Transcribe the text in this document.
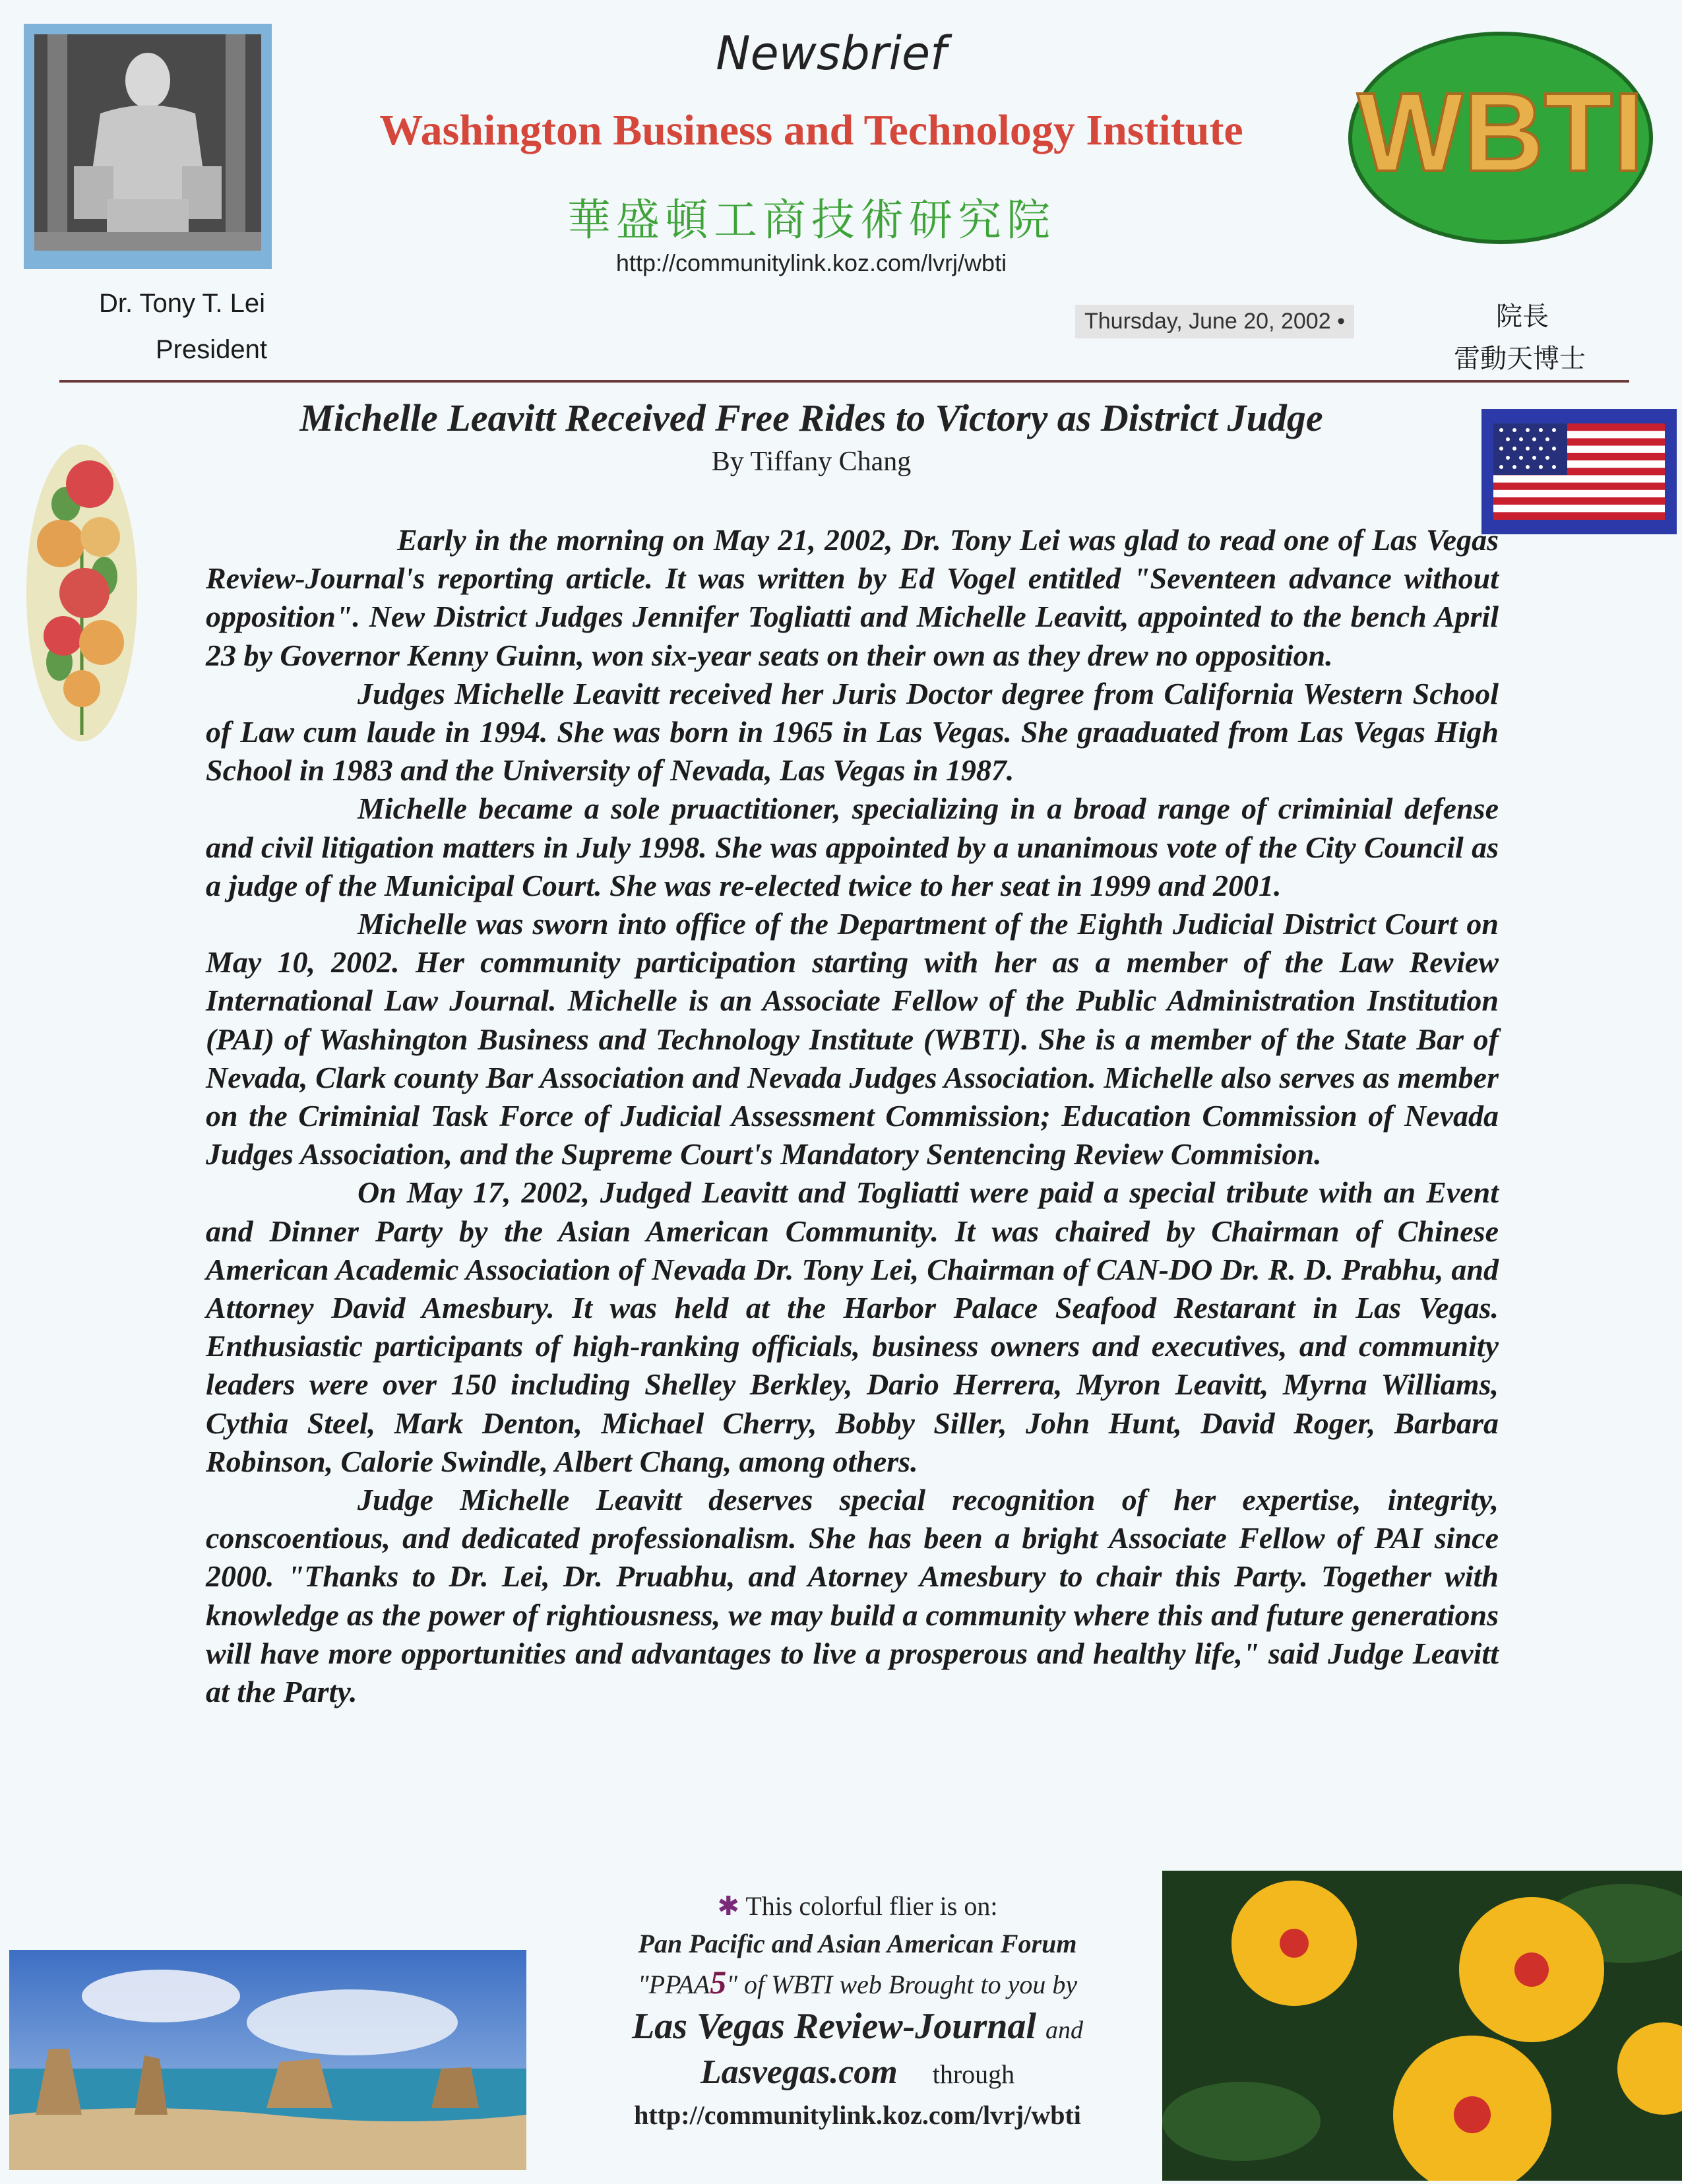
Newsbrief
Washington Business and Technology Institute
華盛頓工商技術研究院
http://communitylink.koz.com/lvrj/wbti
WBTI
Dr. Tony T. Lei
President
Thursday, June 20, 2002 •	院長
雷動天博士
Michelle Leavitt Received Free Rides to Victory as District Judge
By Tiffany Chang

Early in the morning on May 21, 2002, Dr. Tony Lei was glad to read one of Las Vegas Review-Journal's reporting article. It was written by Ed Vogel entitled "Seventeen advance without opposition". New District Judges Jennifer Togliatti and Michelle Leavitt, appointed to the bench April 23 by Governor Kenny Guinn, won six-year seats on their own as they drew no opposition.

Judges Michelle Leavitt received her Juris Doctor degree from California Western School of Law cum laude in 1994. She was born in 1965 in Las Vegas. She graaduated from Las Vegas High School in 1983 and the University of Nevada, Las Vegas in 1987.

Michelle became a sole pruactitioner, specializing in a broad range of criminial defense and civil litigation matters in July 1998. She was appointed by a unanimous vote of the City Council as a judge of the Municipal Court. She was re-elected twice to her seat in 1999 and 2001.

Michelle was sworn into office of the Department of the Eighth Judicial District Court on May 10, 2002. Her community participation starting with her as a member of the Law Review International Law Journal. Michelle is an Associate Fellow of the Public Administration Institution (PAI) of Washington Business and Technology Institute (WBTI). She is a member of the State Bar of Nevada, Clark county Bar Association and Nevada Judges Association. Michelle also serves as member on the Criminial Task Force of Judicial Assessment Commission; Education Commission of Nevada Judges Association, and the Supreme Court's Mandatory Sentencing Review Commision.

On May 17, 2002, Judged Leavitt and Togliatti were paid a special tribute with an Event and Dinner Party by the Asian American Community. It was chaired by Chairman of Chinese American Academic Association of Nevada Dr. Tony Lei, Chairman of CAN-DO Dr. R. D. Prabhu, and Attorney David Amesbury. It was held at the Harbor Palace Seafood Restarant in Las Vegas. Enthusiastic participants of high-ranking officials, business owners and executives, and community leaders were over 150 including Shelley Berkley, Dario Herrera, Myron Leavitt, Myrna Williams, Cythia Steel, Mark Denton, Michael Cherry, Bobby Siller, John Hunt, David Roger, Barbara Robinson, Calorie Swindle, Albert Chang, among others.

Judge Michelle Leavitt deserves special recognition of her expertise, integrity, conscoentious, and dedicated professionalism. She has been a bright Associate Fellow of PAI since 2000. "Thanks to Dr. Lei, Dr. Pruabhu, and Atorney Amesbury to chair this Party. Together with knowledge as the power of rightiousness, we may build a community where this and future generations will have more opportunities and advantages to live a prosperous and healthy life," said Judge Leavitt at the Party.

✱ This colorful flier is on:
Pan Pacific and Asian American Forum
"PPAA5" of WBTI web Brought to you by
Las Vegas Review-Journal and
Lasvegas.com through
http://communitylink.koz.com/lvrj/wbti
